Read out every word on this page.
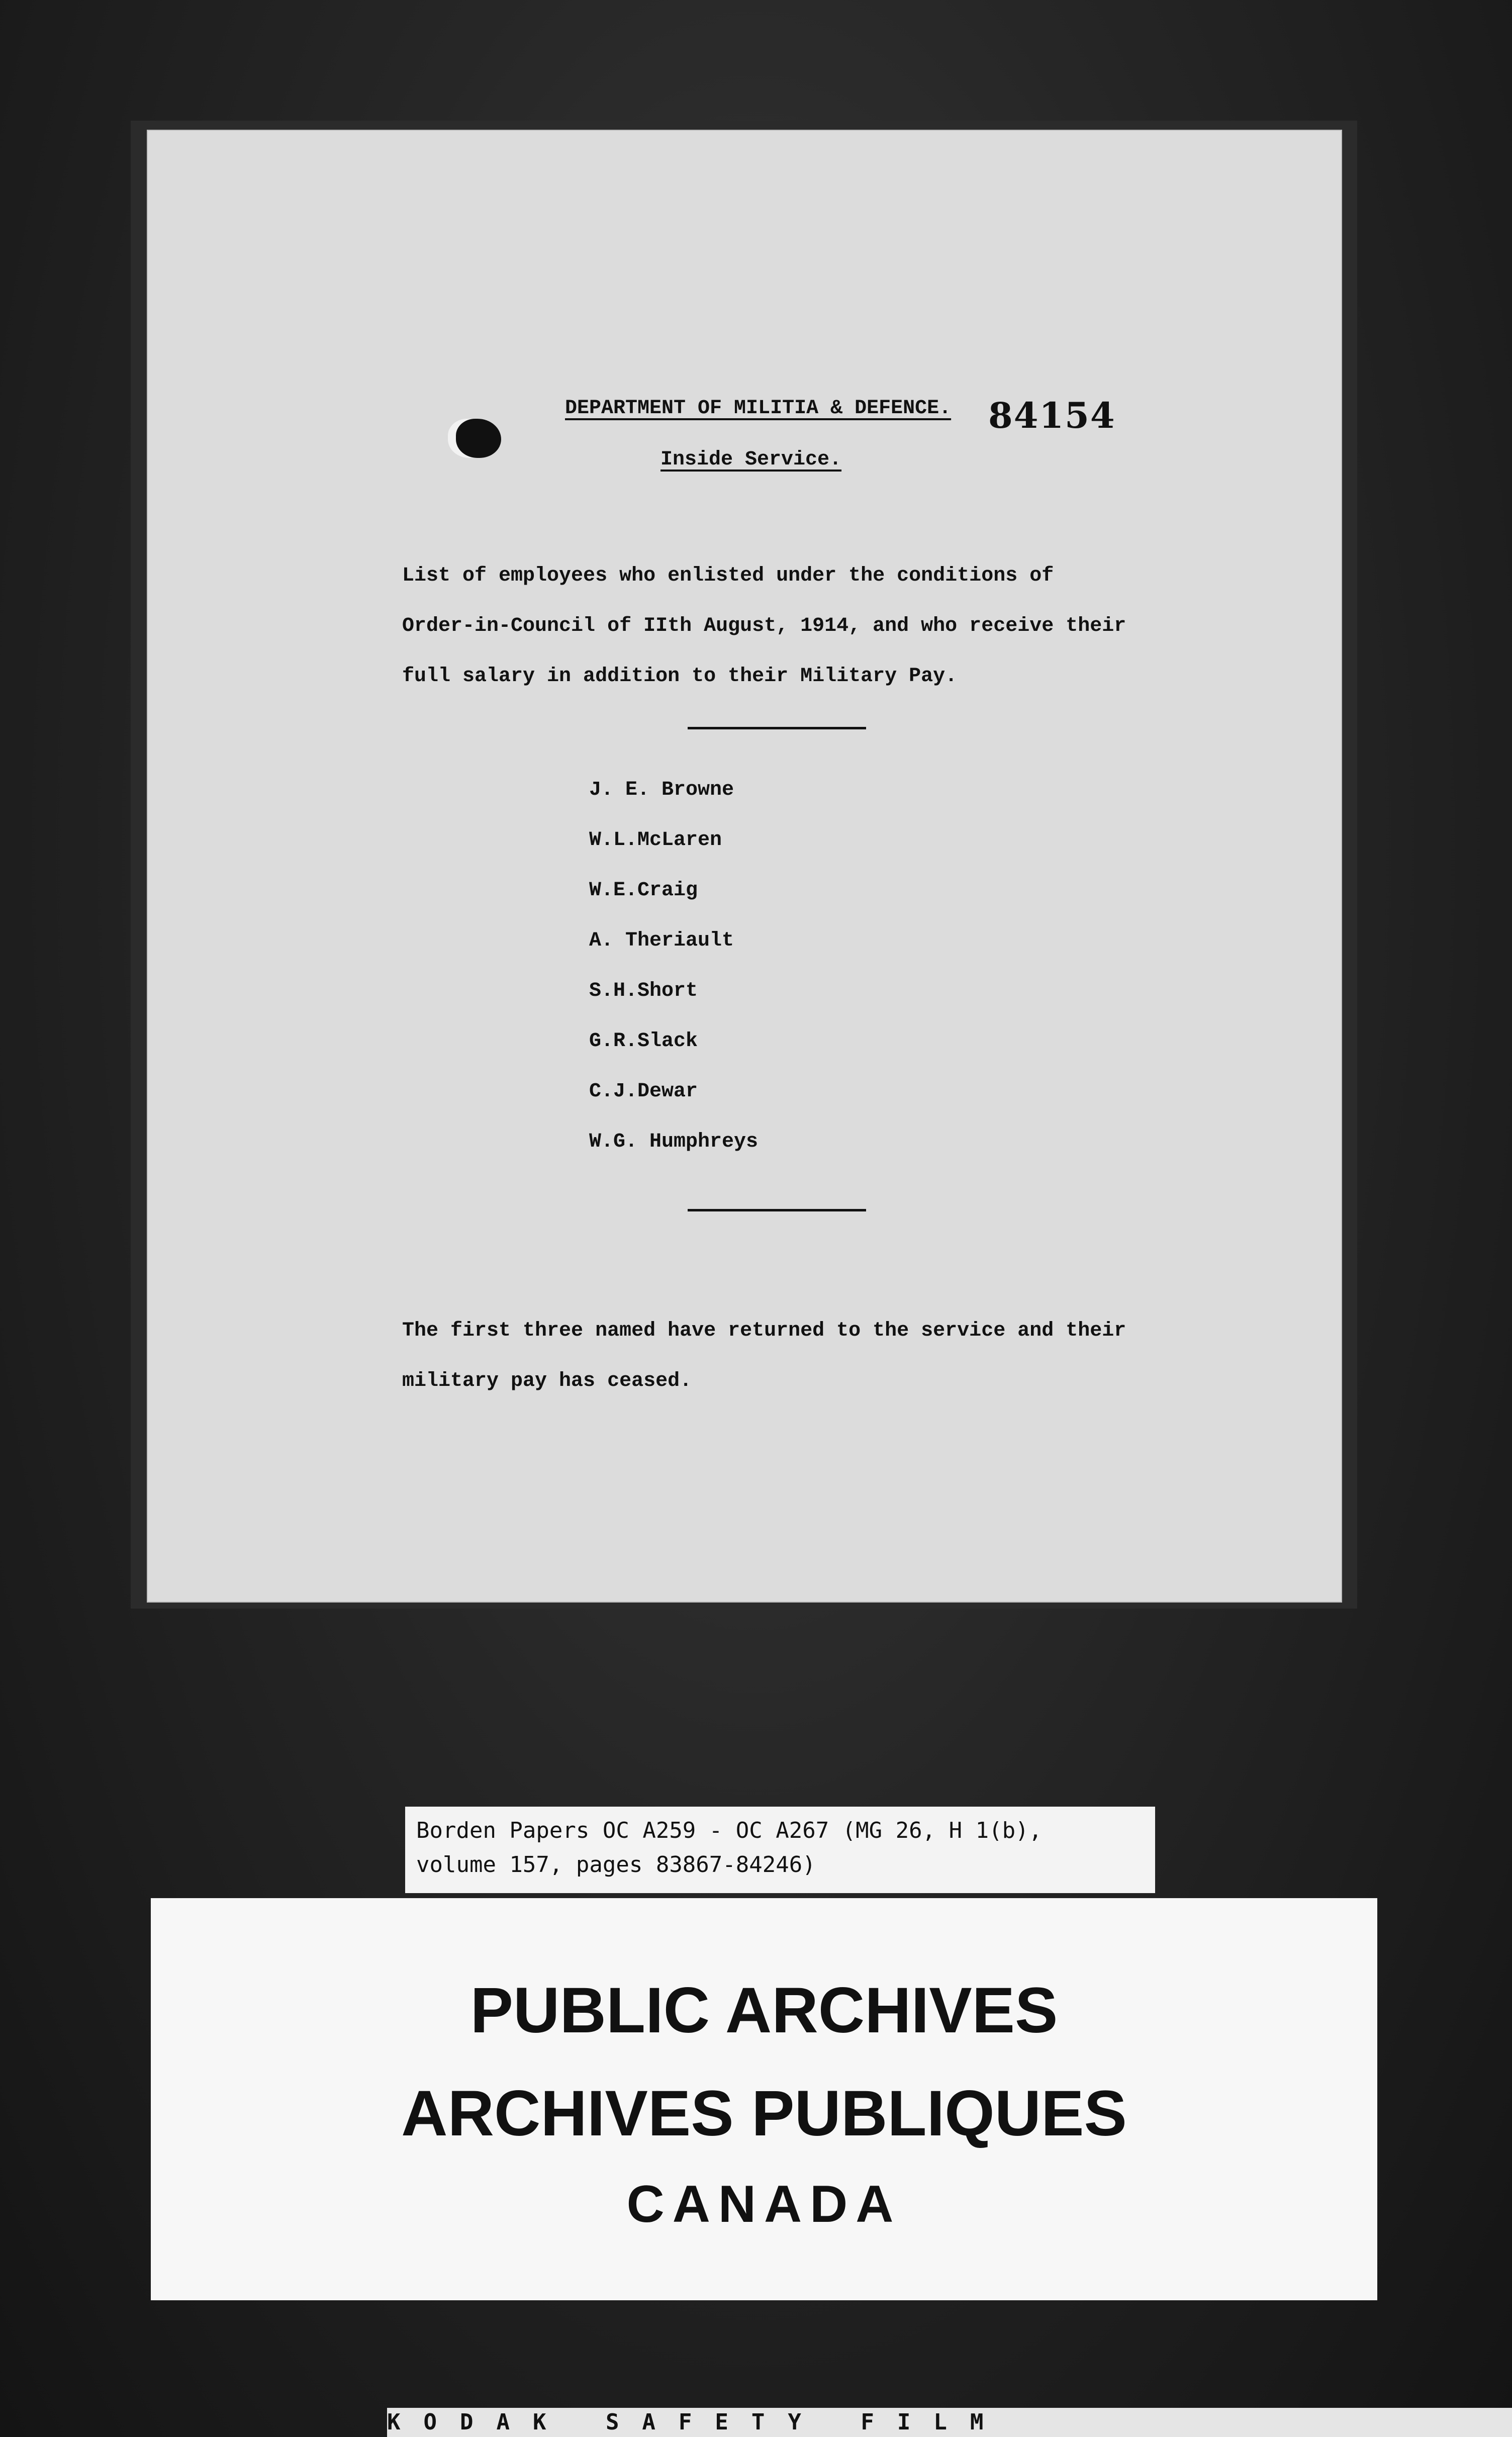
DEPARTMENT OF MILITIA & DEFENCE. 84154
Inside Service.
List of employees who enlisted under the conditions of
Order-in-Council of IIth August, 1914, and who receive their
full salary in addition to their Military Pay.
J. E. Browne
W.L.McLaren
W.E.Craig
A. Theriault
S.H.Short
G.R.Slack
C.J.Dewar
W.G. Humphreys
The first three named have returned to the service and their
military pay has ceased.
Borden Papers OC A259 - OC A267 (MG 26, H 1(b),
volume 157, pages 83867-84246)
PUBLIC ARCHIVES
ARCHIVES PUBLIQUES
CANADA
KODAK SAFETY FILM
